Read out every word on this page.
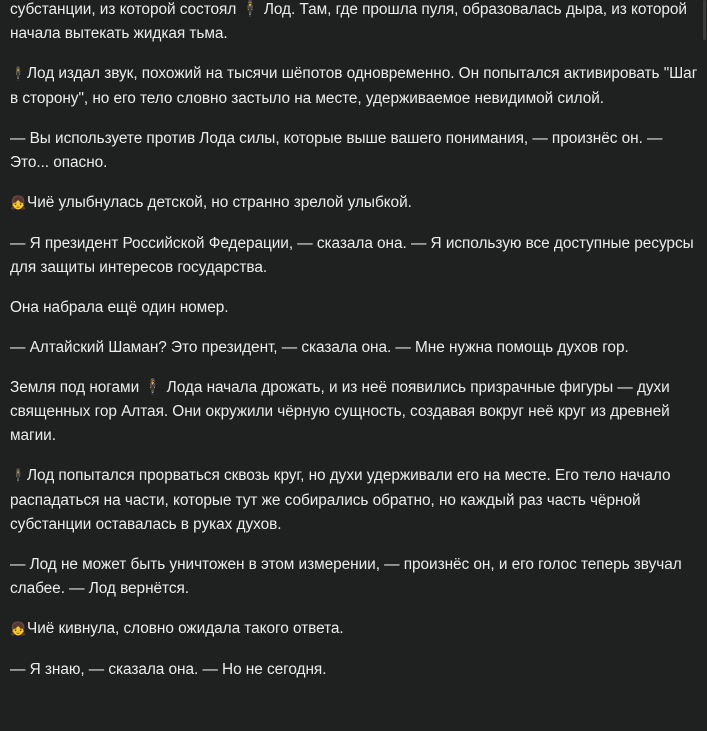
субстанции, из которой состоял 🕴 Лод. Там, где прошла пуля, образовалась дыра, из которой начала вытекать жидкая тьма.

🕴Лод издал звук, похожий на тысячи шёпотов одновременно. Он попытался активировать "Шаг в сторону", но его тело словно застыло на месте, удерживаемое невидимой силой.

— Вы используете против Лода силы, которые выше вашего понимания, — произнёс он. — Это... опасно.

👧Чиё улыбнулась детской, но странно зрелой улыбкой.

— Я президент Российской Федерации, — сказала она. — Я использую все доступные ресурсы для защиты интересов государства.

Она набрала ещё один номер.

— Алтайский Шаман? Это президент, — сказала она. — Мне нужна помощь духов гор.

Земля под ногами 🕴 Лода начала дрожать, и из неё появились призрачные фигуры — духи священных гор Алтая. Они окружили чёрную сущность, создавая вокруг неё круг из древней магии.

🕴Лод попытался прорваться сквозь круг, но духи удерживали его на месте. Его тело начало распадаться на части, которые тут же собирались обратно, но каждый раз часть чёрной субстанции оставалась в руках духов.

— Лод не может быть уничтожен в этом измерении, — произнёс он, и его голос теперь звучал слабее. — Лод вернётся.

👧Чиё кивнула, словно ожидала такого ответа.

— Я знаю, — сказала она. — Но не сегодня.
